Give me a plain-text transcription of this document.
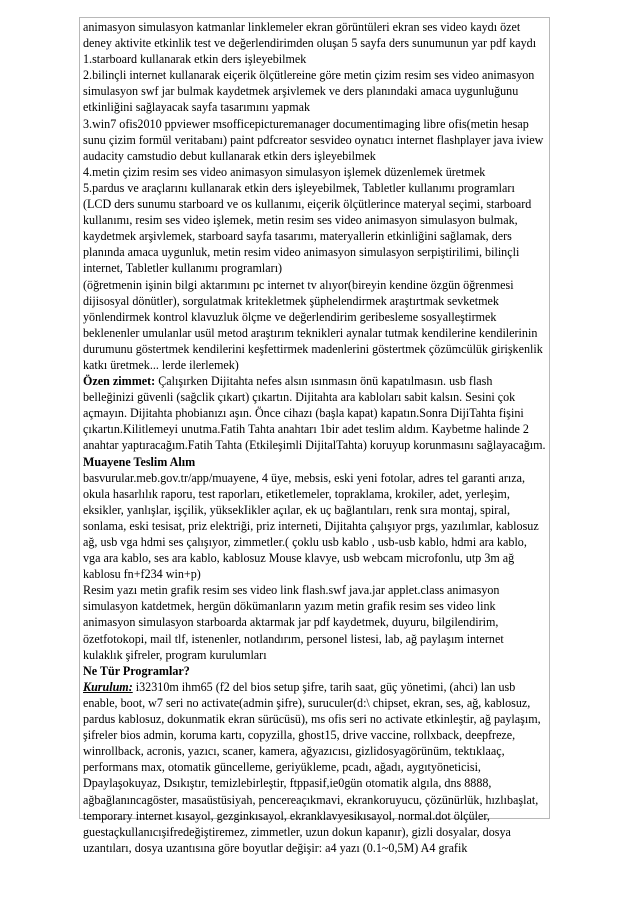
animasyon simulasyon katmanlar linklemeler ekran görüntüleri ekran ses video kaydı özet deney aktivite etkinlik test ve değerlendirimden oluşan 5 sayfa ders sunumunun yar pdf kaydı

1.starboard kullanarak etkin ders işleyebilmek

2.bilinçli internet kullanarak eiçerik ölçütlereine göre metin çizim resim ses video animasyon simulasyon swf jar bulmak kaydetmek arşivlemek ve ders planındaki amaca uygunluğunu etkinliğini sağlayacak sayfa tasarımını yapmak

3.win7 ofis2010 ppviewer msofficepicturemanager documentimaging libre ofis(metin hesap sunu çizim formül veritabanı) paint pdfcreator sesvideo oynatıcı internet flashplayer java iview audacity camstudio debut kullanarak etkin ders işleyebilmek

4.metin çizim resim ses video animasyon simulasyon işlemek düzenlemek üretmek

5.pardus ve araçlarını kullanarak etkin ders işleyebilmek, Tabletler kullanımı programları (LCD ders sunumu starboard ve os kullanımı, eiçerik ölçütlerince materyal seçimi, starboard kullanımı, resim ses video işlemek, metin resim ses video animasyon simulasyon bulmak, kaydetmek arşivlemek, starboard sayfa tasarımı, materyallerin etkinliğini sağlamak, ders planında amaca uygunluk, metin resim video animasyon simulasyon serpiştirilimi, bilinçli internet, Tabletler kullanımı programları)

(öğretmenin işinin bilgi aktarımını pc internet tv alıyor(bireyin kendine özgün öğrenmesi dijisosyal dönütler), sorgulatmak kritekletmek şüphelendirmek araştırtmak sevketmek yönlendirmek kontrol klavuzluk ölçme ve değerlendirim geribeslemе sosyalleştirmek beklenenler umulanlar usül metod araştırım teknikleri aynalar tutmak kendilerine kendilerinin durumunu göstertmek kendilerini keşfettirmek madenlerini göstertmek çözümcülük girişkenlik katkı üretmek... lerde ilerlemek)

Özen zimmet: Çalışırken Dijitahta nefes alsın ısınmasın önü kapatılmasın. usb flash belleğinizi güvenli (sağclik çıkart) çıkartın. Dijitahta ara kabloları sabit kalsın. Sesini çok açmayın. Dijitahta phobianızı aşın. Önce cihazı (başla kapat) kapatın.Sonra DijiTahta fişini çıkartın.Kilitlemeyi unutma.Fatih Tahta anahtarı 1bir adet teslim aldım. Kaybetme halinde 2 anahtar yaptıracağım.Fatih Tahta (Etkileşimli DijitalTahta) koruyup korunmasını sağlayacağım.

Muayene Teslim Alım

basvurular.meb.gov.tr/app/muayene, 4 üye, mebsis, eski yeni fotolar, adres tel garanti arıza, okula hasarlılık raporu, test raporları, etiketlemeler, topraklama, krokiler, adet, yerleşim, eksikler, yanlışlar, işçilik, yüksekIikler açılar, ek uç bağlantıları, renk sıra montaj, spiral, sonlama, eski tesisat, priz elektriği, priz interneti, Dijitahta çalışıyor prgs, yazılımlar, kablosuz ağ, usb vga hdmi ses çalışıyor, zimmetler.( çoklu usb kablo , usb-usb kablo, hdmi ara kablo, vga ara kablo, ses ara kablo, kablosuz Mouse klavye, usb webcam microfonlu, utp 3m ağ kablosu fn+f234 win+p)

Resim yazı metin grafik resim ses video link flash.swf java.jar applet.class animasyon simulasyon katdetmek, hergün dökümanların yazım metin grafik resim ses video link animasyon simulasyon starboarda aktarmak jar pdf kaydetmek, duyuru, bilgilendirim, özetfotokopi, mail tlf, istenenler, notlandırım, personel listesi, lab, ağ paylaşım internet kulaklık şifreler, program kurulumları

Ne Tür Programlar?

Kurulum: i32310m ihm65 (f2 del bios setup şifre, tarih saat, güç yönetimi, (ahci) lan usb enable, boot, w7 seri no activate(admin şifre), suruculer(d:\ chipset, ekran, ses, ağ, kablosuz, pardus kablosuz, dokunmatik ekran sürücüsü), ms ofis seri no activate etkinleştir, ağ paylaşım, şifreler bios admin, koruma kartı, copyzilla, ghost15, drive vaccine, rollxback, deepfreze, winrollback, acronis, yazıcı, scaner, kamera, ağyazıcısı, gizlidosyagörünüm, tektıklaaç, performans max, otomatik güncelleme, geriyükleme, pcadı, ağadı, aygıtyöneticisi, Dpaylaşokuyaz, Dsıkıştır, temizlebirleştir, ftppasif,ie0gün otomatik algıla, dns 8888, ağbağlanıncagöster, masaüstüsiyah, pencereaçıkmavi, ekrankoruyucu, çözünürlük, hızlıbaşlat, temporary internet kısayol, gezginkısayol, ekranklavyesikısayol, normal.dot ölçüler, guestaçkullanıcışifredeğiştiremez, zimmetler, uzun dokun kapanır), gizli dosyalar, dosya uzantıları, dosya uzantısına göre boyutlar değişir: a4 yazı (0.1~0,5M) A4 grafik
